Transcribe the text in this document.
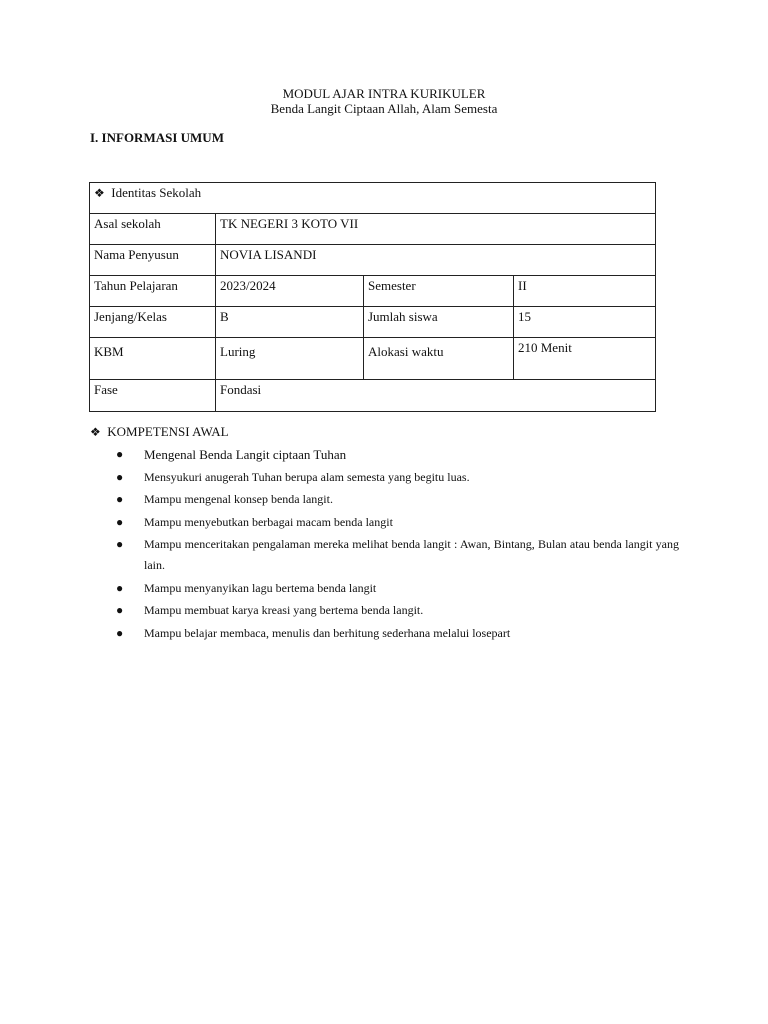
MODUL AJAR INTRA KURIKULER
Benda Langit Ciptaan Allah, Alam Semesta
I. INFORMASI UMUM
❖ Identitas Sekolah			
Asal sekolah	TK NEGERI 3 KOTO VII		
Nama Penyusun	NOVIA LISANDI		
Tahun Pelajaran	2023/2024	Semester	II
Jenjang/Kelas	B	Jumlah siswa	15
KBM	Luring	Alokasi waktu	210 Menit
Fase	Fondasi		
❖ KOMPETENSI AWAL
● Mengenal Benda Langit ciptaan Tuhan
● Mensyukuri anugerah Tuhan berupa alam semesta yang begitu luas.
● Mampu mengenal konsep benda langit.
● Mampu menyebutkan berbagai macam benda langit
● Mampu menceritakan pengalaman mereka melihat benda langit : Awan, Bintang, Bulan atau benda langit yang lain.
● Mampu menyanyikan lagu bertema benda langit
● Mampu membuat karya kreasi yang bertema benda langit.
● Mampu belajar membaca, menulis dan berhitung sederhana melalui losepart
